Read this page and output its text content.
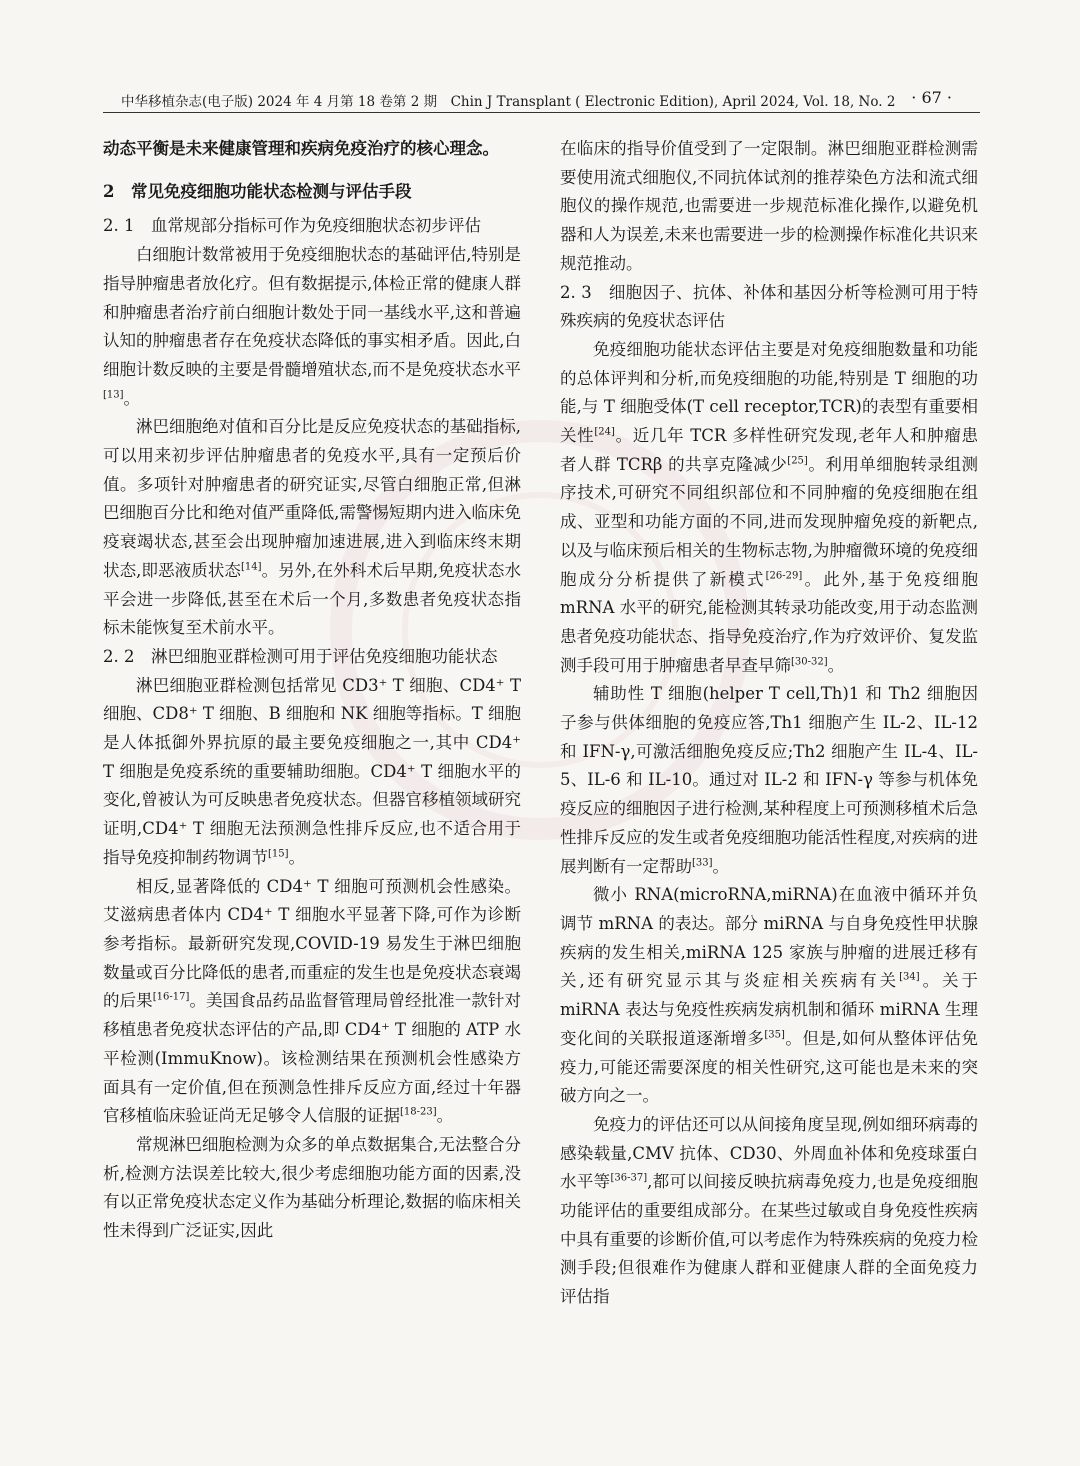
中华移植杂志(电子版) 2024 年 4 月第 18 卷第 2 期　Chin J Transplant ( Electronic Edition), April 2024, Vol. 18, No. 2 · 67 ·

动态平衡是未来健康管理和疾病免疫治疗的核心理念。

2　常见免疫细胞功能状态检测与评估手段

2. 1　血常规部分指标可作为免疫细胞状态初步评估

白细胞计数常被用于免疫细胞状态的基础评估,特别是指导肿瘤患者放化疗。但有数据提示,体检正常的健康人群和肿瘤患者治疗前白细胞计数处于同一基线水平,这和普遍认知的肿瘤患者存在免疫状态降低的事实相矛盾。因此,白细胞计数反映的主要是骨髓增殖状态,而不是免疫状态水平[13]。

淋巴细胞绝对值和百分比是反应免疫状态的基础指标,可以用来初步评估肿瘤患者的免疫水平,具有一定预后价值。多项针对肿瘤患者的研究证实,尽管白细胞正常,但淋巴细胞百分比和绝对值严重降低,需警惕短期内进入临床免疫衰竭状态,甚至会出现肿瘤加速进展,进入到临床终末期状态,即恶液质状态[14]。另外,在外科术后早期,免疫状态水平会进一步降低,甚至在术后一个月,多数患者免疫状态指标未能恢复至术前水平。

2. 2　淋巴细胞亚群检测可用于评估免疫细胞功能状态

淋巴细胞亚群检测包括常见 CD3⁺ T 细胞、CD4⁺ T 细胞、CD8⁺ T 细胞、B 细胞和 NK 细胞等指标。T 细胞是人体抵御外界抗原的最主要免疫细胞之一,其中 CD4⁺ T 细胞是免疫系统的重要辅助细胞。CD4⁺ T 细胞水平的变化,曾被认为可反映患者免疫状态。但器官移植领域研究证明,CD4⁺ T 细胞无法预测急性排斥反应,也不适合用于指导免疫抑制药物调节[15]。

相反,显著降低的 CD4⁺ T 细胞可预测机会性感染。艾滋病患者体内 CD4⁺ T 细胞水平显著下降,可作为诊断参考指标。最新研究发现,COVID-19 易发生于淋巴细胞数量或百分比降低的患者,而重症的发生也是免疫状态衰竭的后果[16-17]。美国食品药品监督管理局曾经批准一款针对移植患者免疫状态评估的产品,即 CD4⁺ T 细胞的 ATP 水平检测(ImmuKnow)。该检测结果在预测机会性感染方面具有一定价值,但在预测急性排斥反应方面,经过十年器官移植临床验证尚无足够令人信服的证据[18-23]。

常规淋巴细胞检测为众多的单点数据集合,无法整合分析,检测方法误差比较大,很少考虑细胞功能方面的因素,没有以正常免疫状态定义作为基础分析理论,数据的临床相关性未得到广泛证实,因此

在临床的指导价值受到了一定限制。淋巴细胞亚群检测需要使用流式细胞仪,不同抗体试剂的推荐染色方法和流式细胞仪的操作规范,也需要进一步规范标准化操作,以避免机器和人为误差,未来也需要进一步的检测操作标准化共识来规范推动。

2. 3　细胞因子、抗体、补体和基因分析等检测可用于特殊疾病的免疫状态评估

免疫细胞功能状态评估主要是对免疫细胞数量和功能的总体评判和分析,而免疫细胞的功能,特别是 T 细胞的功能,与 T 细胞受体(T cell receptor,TCR)的表型有重要相关性[24]。近几年 TCR 多样性研究发现,老年人和肿瘤患者人群 TCRβ 的共享克隆减少[25]。利用单细胞转录组测序技术,可研究不同组织部位和不同肿瘤的免疫细胞在组成、亚型和功能方面的不同,进而发现肿瘤免疫的新靶点,以及与临床预后相关的生物标志物,为肿瘤微环境的免疫细胞成分分析提供了新模式[26-29]。此外,基于免疫细胞 mRNA 水平的研究,能检测其转录功能改变,用于动态监测患者免疫功能状态、指导免疫治疗,作为疗效评价、复发监测手段可用于肿瘤患者早查早筛[30-32]。

辅助性 T 细胞(helper T cell,Th)1 和 Th2 细胞因子参与供体细胞的免疫应答,Th1 细胞产生 IL-2、IL-12 和 IFN-γ,可激活细胞免疫反应;Th2 细胞产生 IL-4、IL-5、IL-6 和 IL-10。通过对 IL-2 和 IFN-γ 等参与机体免疫反应的细胞因子进行检测,某种程度上可预测移植术后急性排斥反应的发生或者免疫细胞功能活性程度,对疾病的进展判断有一定帮助[33]。

微小 RNA(microRNA,miRNA)在血液中循环并负调节 mRNA 的表达。部分 miRNA 与自身免疫性甲状腺疾病的发生相关,miRNA 125 家族与肿瘤的进展迁移有关,还有研究显示其与炎症相关疾病有关[34]。关于 miRNA 表达与免疫性疾病发病机制和循环 miRNA 生理变化间的关联报道逐渐增多[35]。但是,如何从整体评估免疫力,可能还需要深度的相关性研究,这可能也是未来的突破方向之一。

免疫力的评估还可以从间接角度呈现,例如细环病毒的感染载量,CMV 抗体、CD30、外周血补体和免疫球蛋白水平等[36-37],都可以间接反映抗病毒免疫力,也是免疫细胞功能评估的重要组成部分。在某些过敏或自身免疫性疾病中具有重要的诊断价值,可以考虑作为特殊疾病的免疫力检测手段;但很难作为健康人群和亚健康人群的全面免疫力评估指
